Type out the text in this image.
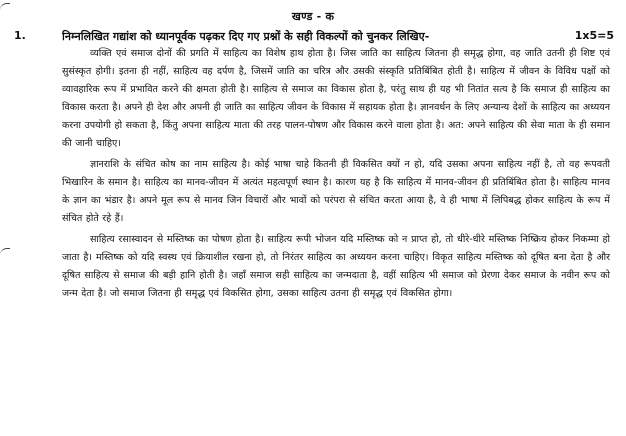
खण्ड - क
1.	निम्नलिखित गद्यांश को ध्यानपूर्वक पढ़कर दिए गए प्रश्नों के सही विकल्पों को चुनकर लिखिए-	1x5=5

व्यक्ति एवं समाज दोनों की प्रगति में साहित्य का विशेष हाथ होता है। जिस जाति का साहित्य जितना ही समृद्ध होगा, वह जाति उतनी ही शिष्ट एवं सुसंस्कृत होगी। इतना ही नहीं, साहित्य वह दर्पण है, जिसमें जाति का चरित्र और उसकी संस्कृति प्रतिबिंबित होती है। साहित्य में जीवन के विविध पक्षों को व्यावहारिक रूप में प्रभावित करने की क्षमता होती है। साहित्य से समाज का विकास होता है, परंतु साथ ही यह भी नितांत सत्य है कि समाज ही साहित्य का विकास करता है। अपने ही देश और अपनी ही जाति का साहित्य जीवन के विकास में सहायक होता है। ज्ञानवर्धन के लिए अन्यान्य देशों के साहित्य का अध्ययन करना उपयोगी हो सकता है, किंतु अपना साहित्य माता की तरह पालन-पोषण और विकास करने वाला होता है। अत: अपने साहित्य की सेवा माता के ही समान की जानी चाहिए।

ज्ञानराशि के संचित कोष का नाम साहित्य है। कोई भाषा चाहे कितनी ही विकसित क्यों न हो, यदि उसका अपना साहित्य नहीं है, तो वह रूपवती भिखारिन के समान है। साहित्य का मानव-जीवन में अत्यंत महत्वपूर्ण स्थान है। कारण यह है कि साहित्य में मानव-जीवन ही प्रतिबिंबित होता है। साहित्य मानव के ज्ञान का भंडार है। अपने मूल रूप से मानव जिन विचारों और भावों को परंपरा से संचित करता आया है, वे ही भाषा में लिपिबद्ध होकर साहित्य के रूप में संचित होते रहे हैं।

साहित्य रसास्वादन से मस्तिष्क का पोषण होता है। साहित्य रूपी भोजन यदि मस्तिष्क को न प्राप्त हो, तो धीरे-धीरे मस्तिष्क निष्क्रिय होकर निकम्मा हो जाता है। मस्तिष्क को यदि स्वस्थ एवं क्रियाशील रखना हो, तो निरंतर साहित्य का अध्ययन करना चाहिए। विकृत साहित्य मस्तिष्क को दूषित बना देता है और दूषित साहित्य से समाज की बड़ी हानि होती है। जहाँ समाज सही साहित्य का जन्मदाता है, वहीं साहित्य भी समाज को प्रेरणा देकर समाज के नवीन रूप को जन्म देता है। जो समाज जितना ही समृद्ध एवं विकसित होगा, उसका साहित्य उतना ही समृद्ध एवं विकसित होगा।
